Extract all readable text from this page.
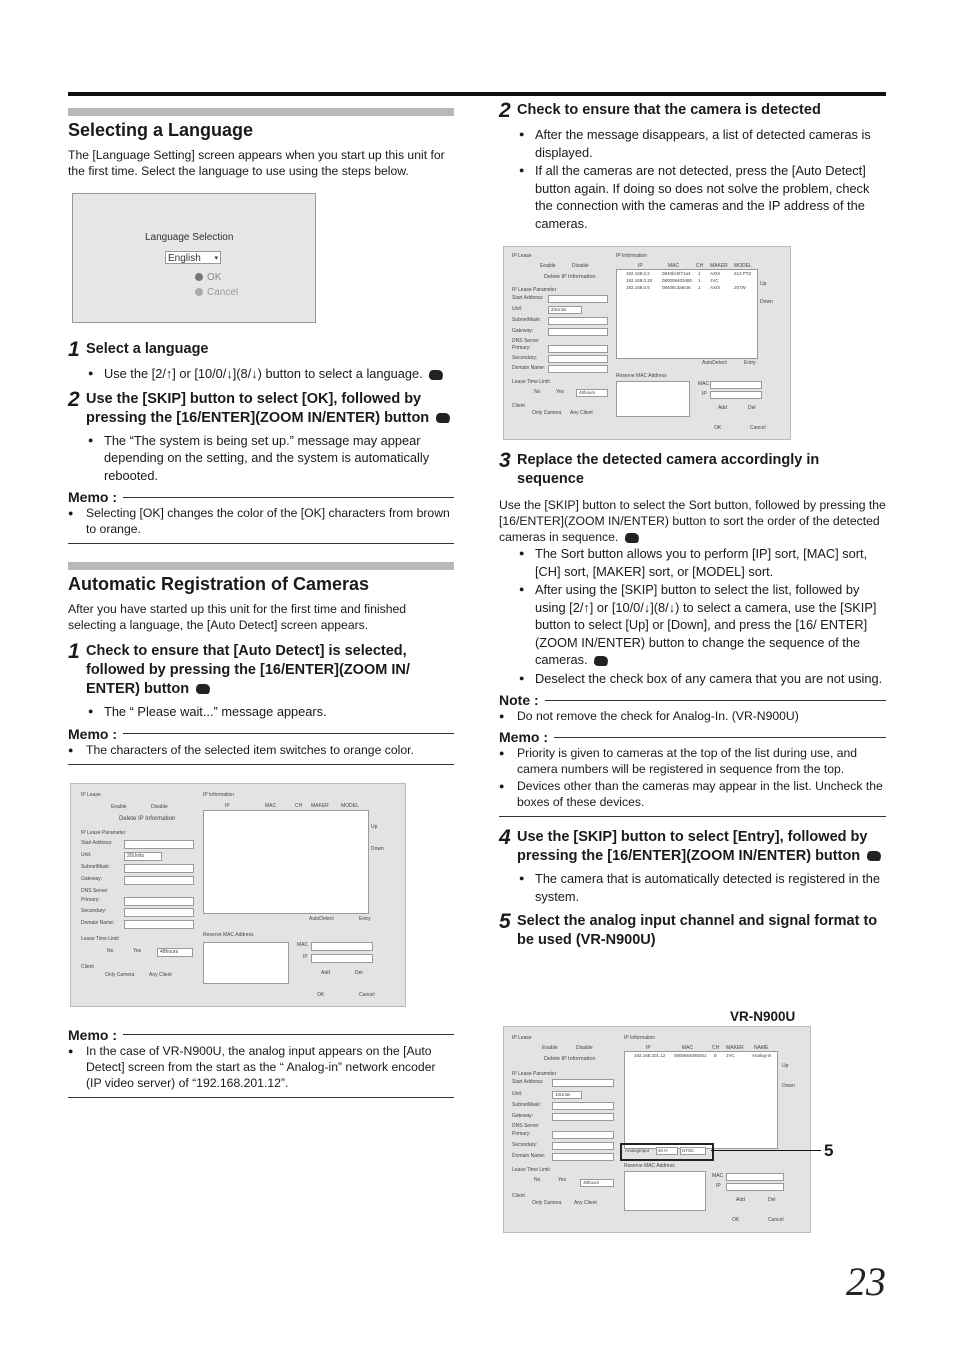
Selecting a Language

The [Language Setting] screen appears when you start up this unit for the first time. Select the language to use using the steps below.

Language Selection
English ▾
OK
Cancel
1 Select a language
● Use the [2/↑] or [10/0/↓](8/↓) button to select a language.
2 Use the [SKIP] button to select [OK], followed by pressing the [16/ENTER](ZOOM IN/ENTER) button
● The “The system is being set up.” message may appear depending on the setting, and the system is automatically rebooted.
Memo :
● Selecting [OK] changes the color of the [OK] characters from brown to orange.
Automatic Registration of Cameras

After you have started up this unit for the first time and finished selecting a language, the [Auto Detect] screen appears.

1 Check to ensure that [Auto Detect] is selected, followed by pressing the [16/ENTER](ZOOM IN/ ENTER) button
● The “ Please wait...” message appears.
Memo :
● The characters of the selected item switches to orange color.
IP Lease
Enable	Disable
Delete IP Information
IP Lease Parameter
Start Address:
Unit:
SubnetMask:
Gateway:
DNS Server
Primary:
Secondary:
Domain Name:
20Units
Lease Time Limit
No	Yes	48hours
Client
Only Camera	Any Client
IP Information
IP	MAC	CH MAKER MODEL
Up
Down
AutoDetect	Entry
Reserve MAC Address
MAC
IP
Add	Del
OK	Cancel
Memo :
● In the case of VR-N900U, the analog input appears on the [Auto Detect] screen from the start as the “ Analog-in” network encoder (IP video server) of “192.168.201.12”.
2 Check to ensure that the camera is detected
● After the message disappears, a list of detected cameras is displayed.
● If all the cameras are not detected, press the [Auto Detect] button again. If doing so does not solve the problem, check the connection with the cameras and the IP address of the cameras.
IP Lease
Enable	Disable
Delete IP Information
IP Lease Parameter
Start Address:
Unit:
SubnetMask:
Gateway:
DNS Server
Primary:
Secondary:
Domain Name:
20Units
Lease Time Limit
No	Yes	48hours
Client
Only Camera Any Client
IP Information
IP	MAC	CH MAKER MODEL
192.168.0.2	0840bc0f71a4 1 AXIS	213 PTZ
192.168.0.20 080008403480 1 JVC
192.168.0.5	08408c3a6c9c 1 AXIS	207W
Up
Down
AutoDetect	Entry
Reserve MAC Address
MAC
IP
Add	Del
OK	Cancel
3 Replace the detected camera accordingly in sequence

Use the [SKIP] button to select the Sort button, followed by pressing the [16/ENTER](ZOOM IN/ENTER) button to sort the order of the detected cameras in sequence.

● The Sort button allows you to perform [IP] sort, [MAC] sort, [CH] sort, [MAKER] sort, or [MODEL] sort.
● After using the [SKIP] button to select the list, followed by using [2/↑] or [10/0/↓](8/↓) to select a camera, use the [SKIP] button to select [Up] or [Down], and press the [16/ ENTER](ZOOM IN/ENTER) button to change the sequence of the cameras.
● Deselect the check box of any camera that you are not using.
Note :
● Do not remove the check for Analog-In. (VR-N900U)
Memo :
● Priority is given to cameras at the top of the list during use, and camera numbers will be registered in sequence from the top.
● Devices other than the cameras may appear in the list. Uncheck the boxes of these devices.
4 Use the [SKIP] button to select [Entry], followed by pressing the [16/ENTER](ZOOM IN/ENTER) button
● The camera that is automatically detected is registered in the system.
5 Select the analog input channel and signal format to be used (VR-N900U)
VR-N900U
IP Lease
Enable	Disable
Delete IP Information
IP Lease Parameter
Start Address:
Unit:
SubnetMask:
Gateway:
DNS Server
Primary:
Secondary:
Domain Name:
10Units
Lease Time Limit
No	Yes	48hours
Client
Only Camera	Any Client
IP Information
IP	MAC	CH MAKER NAME
192.168.201.12 0800864085001 8 JVC	Analog-In
Up
Down
AnalogInput 40 H	NTSC
Reserve MAC Address
MAC
IP
Add	Del
OK	Cancel
5
23
